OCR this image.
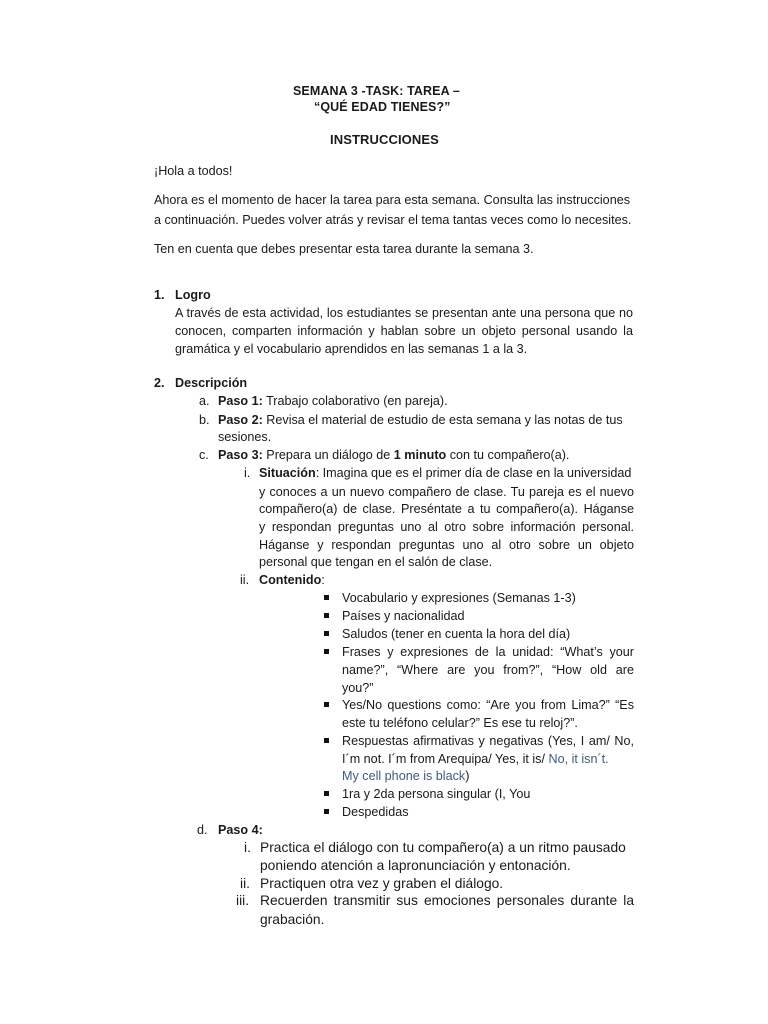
SEMANA 3 -TASK: TAREA –
“QUÉ EDAD TIENES?”
INSTRUCCIONES
¡Hola a todos!
Ahora es el momento de hacer la tarea para esta semana. Consulta las instrucciones
a continuación. Puedes volver atrás y revisar el tema tantas veces como lo necesites.
Ten en cuenta que debes presentar esta tarea durante la semana 3.
1. Logro
A través de esta actividad, los estudiantes se presentan ante una persona que no
conocen, comparten información y hablan sobre un objeto personal usando la
gramática y el vocabulario aprendidos en las semanas 1 a la 3.
2. Descripción
a. Paso 1: Trabajo colaborativo (en pareja).
b. Paso 2: Revisa el material de estudio de esta semana y las notas de tus
sesiones.
c. Paso 3: Prepara un diálogo de 1 minuto con tu compañero(a).
i. Situación: Imagina que es el primer día de clase en la universidad
y conoces a un nuevo compañero de clase. Tu pareja es el nuevo
compañero(a) de clase. Preséntate a tu compañero(a). Háganse
y respondan preguntas uno al otro sobre información personal.
Háganse y respondan preguntas uno al otro sobre un objeto
personal que tengan en el salón de clase.
ii. Contenido:
Vocabulario y expresiones (Semanas 1-3)
Países y nacionalidad
Saludos (tener en cuenta la hora del día)
Frases y expresiones de la unidad: “What’s your
name?”, “Where are you from?”, “How old are
you?”
Yes/No questions como: “Are you from Lima?” “Es
este tu teléfono celular?” Es ese tu reloj?”.
Respuestas afirmativas y negativas (Yes, I am/ No,
I´m not. I´m from Arequipa/ Yes, it is/ No, it isn´t.
My cell phone is black)
1ra y 2da persona singular (I, You
Despedidas
d. Paso 4:
i. Practica el diálogo con tu compañero(a) a un ritmo pausado
poniendo atención a lapronunciación y entonación.
ii. Practiquen otra vez y graben el diálogo.
iii. Recuerden transmitir sus emociones personales durante la
grabación.
